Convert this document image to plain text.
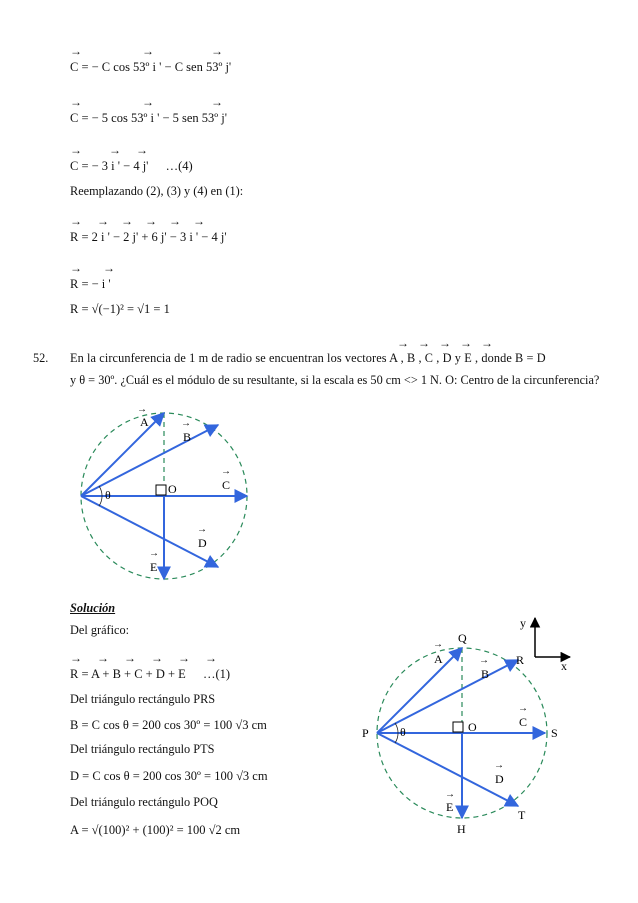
→                    →                   →
C = − C cos 53º i ' − C sen 53º j'
→                    →                   →
C = − 5 cos 53º i ' − 5 sen 53º j'
→         →     →
C = − 3 i ' − 4 j' …(4)
Reemplazando (2), (3) y (4) en (1):
→     →    →    →    →    →
R = 2 i ' − 2 j' + 6 j' − 3 i ' − 4 j'
→       →
R = − i '
R = √(−1)² = √1 = 1
→   →   →   →   →
52. En la circunferencia de 1 m de radio se encuentran los vectores A , B , C , D y E , donde B = D
y θ = 30º. ¿Cuál es el módulo de su resultante, si la escala es 50 cm <> 1 N. O: Centro de la circunferencia?
θ	O
→
A	→
B
→
C
→
D
→
E
Solución
Del gráfico:
→     →     →     →     →     →
R = A + B + C + D + E …(1)
Del triángulo rectángulo PRS
B = C cos θ = 200 cos 30º = 100 √3 cm
Del triángulo rectángulo PTS
D = C cos θ = 200 cos 30º = 100 √3 cm
Del triángulo rectángulo POQ
A = √(100)² + (100)² = 100 √2 cm
y
x
θ	O
P
Q
R
S
T
H
→
A	→
B
→
C
→
D
→
E
